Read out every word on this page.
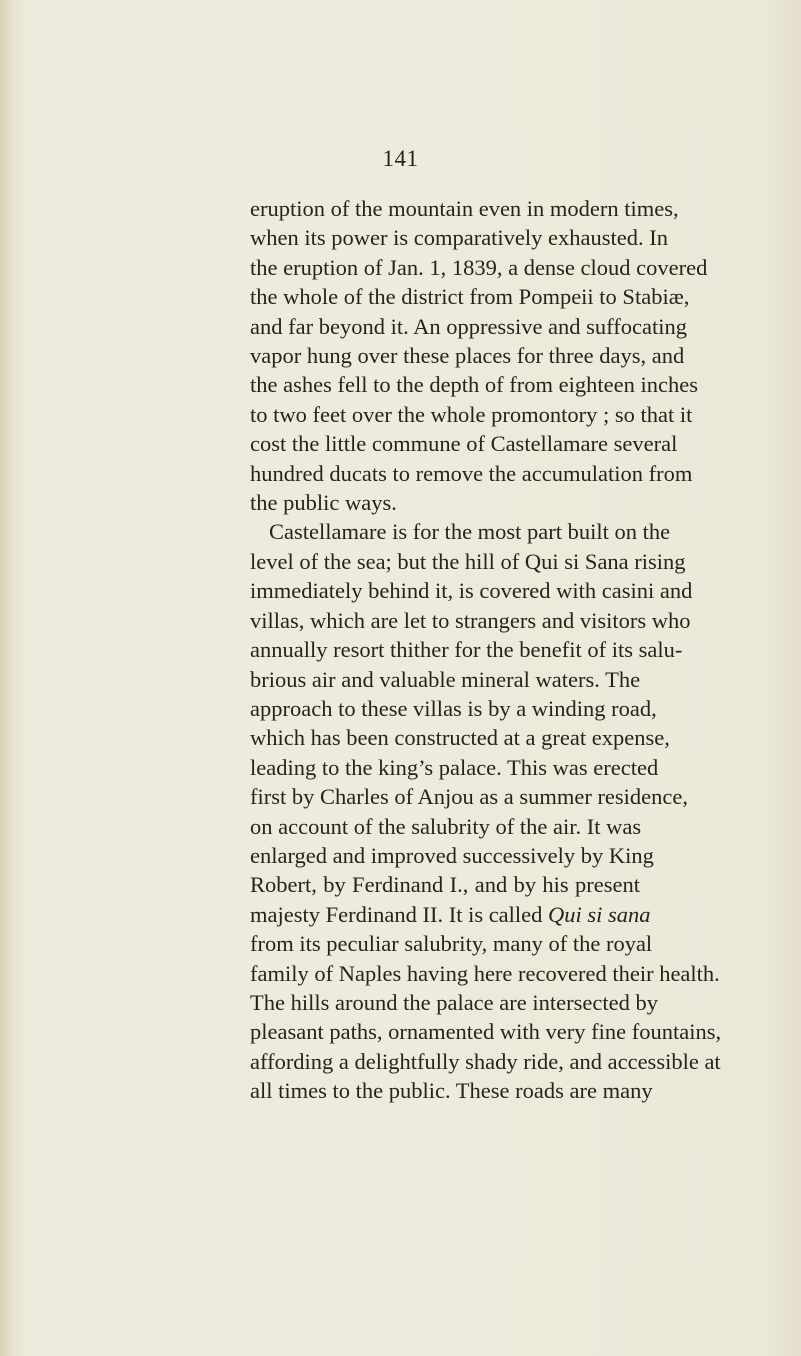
141
eruption of the mountain even in modern times,
when its power is comparatively exhausted. In
the eruption of Jan. 1, 1839, a dense cloud covered
the whole of the district from Pompeii to Stabiæ,
and far beyond it. An oppressive and suffocating
vapor hung over these places for three days, and
the ashes fell to the depth of from eighteen inches
to two feet over the whole promontory ; so that it
cost the little commune of Castellamare several
hundred ducats to remove the accumulation from
the public ways.
Castellamare is for the most part built on the
level of the sea; but the hill of Qui si Sana rising
immediately behind it, is covered with casini and
villas, which are let to strangers and visitors who
annually resort thither for the benefit of its salu-
brious air and valuable mineral waters. The
approach to these villas is by a winding road,
which has been constructed at a great expense,
leading to the king’s palace. This was erected
first by Charles of Anjou as a summer residence,
on account of the salubrity of the air. It was
enlarged and improved successively by King
Robert, by Ferdinand I., and by his present
majesty Ferdinand II. It is called Qui si sana
from its peculiar salubrity, many of the royal
family of Naples having here recovered their health.
The hills around the palace are intersected by
pleasant paths, ornamented with very fine fountains,
affording a delightfully shady ride, and accessible at
all times to the public. These roads are many
